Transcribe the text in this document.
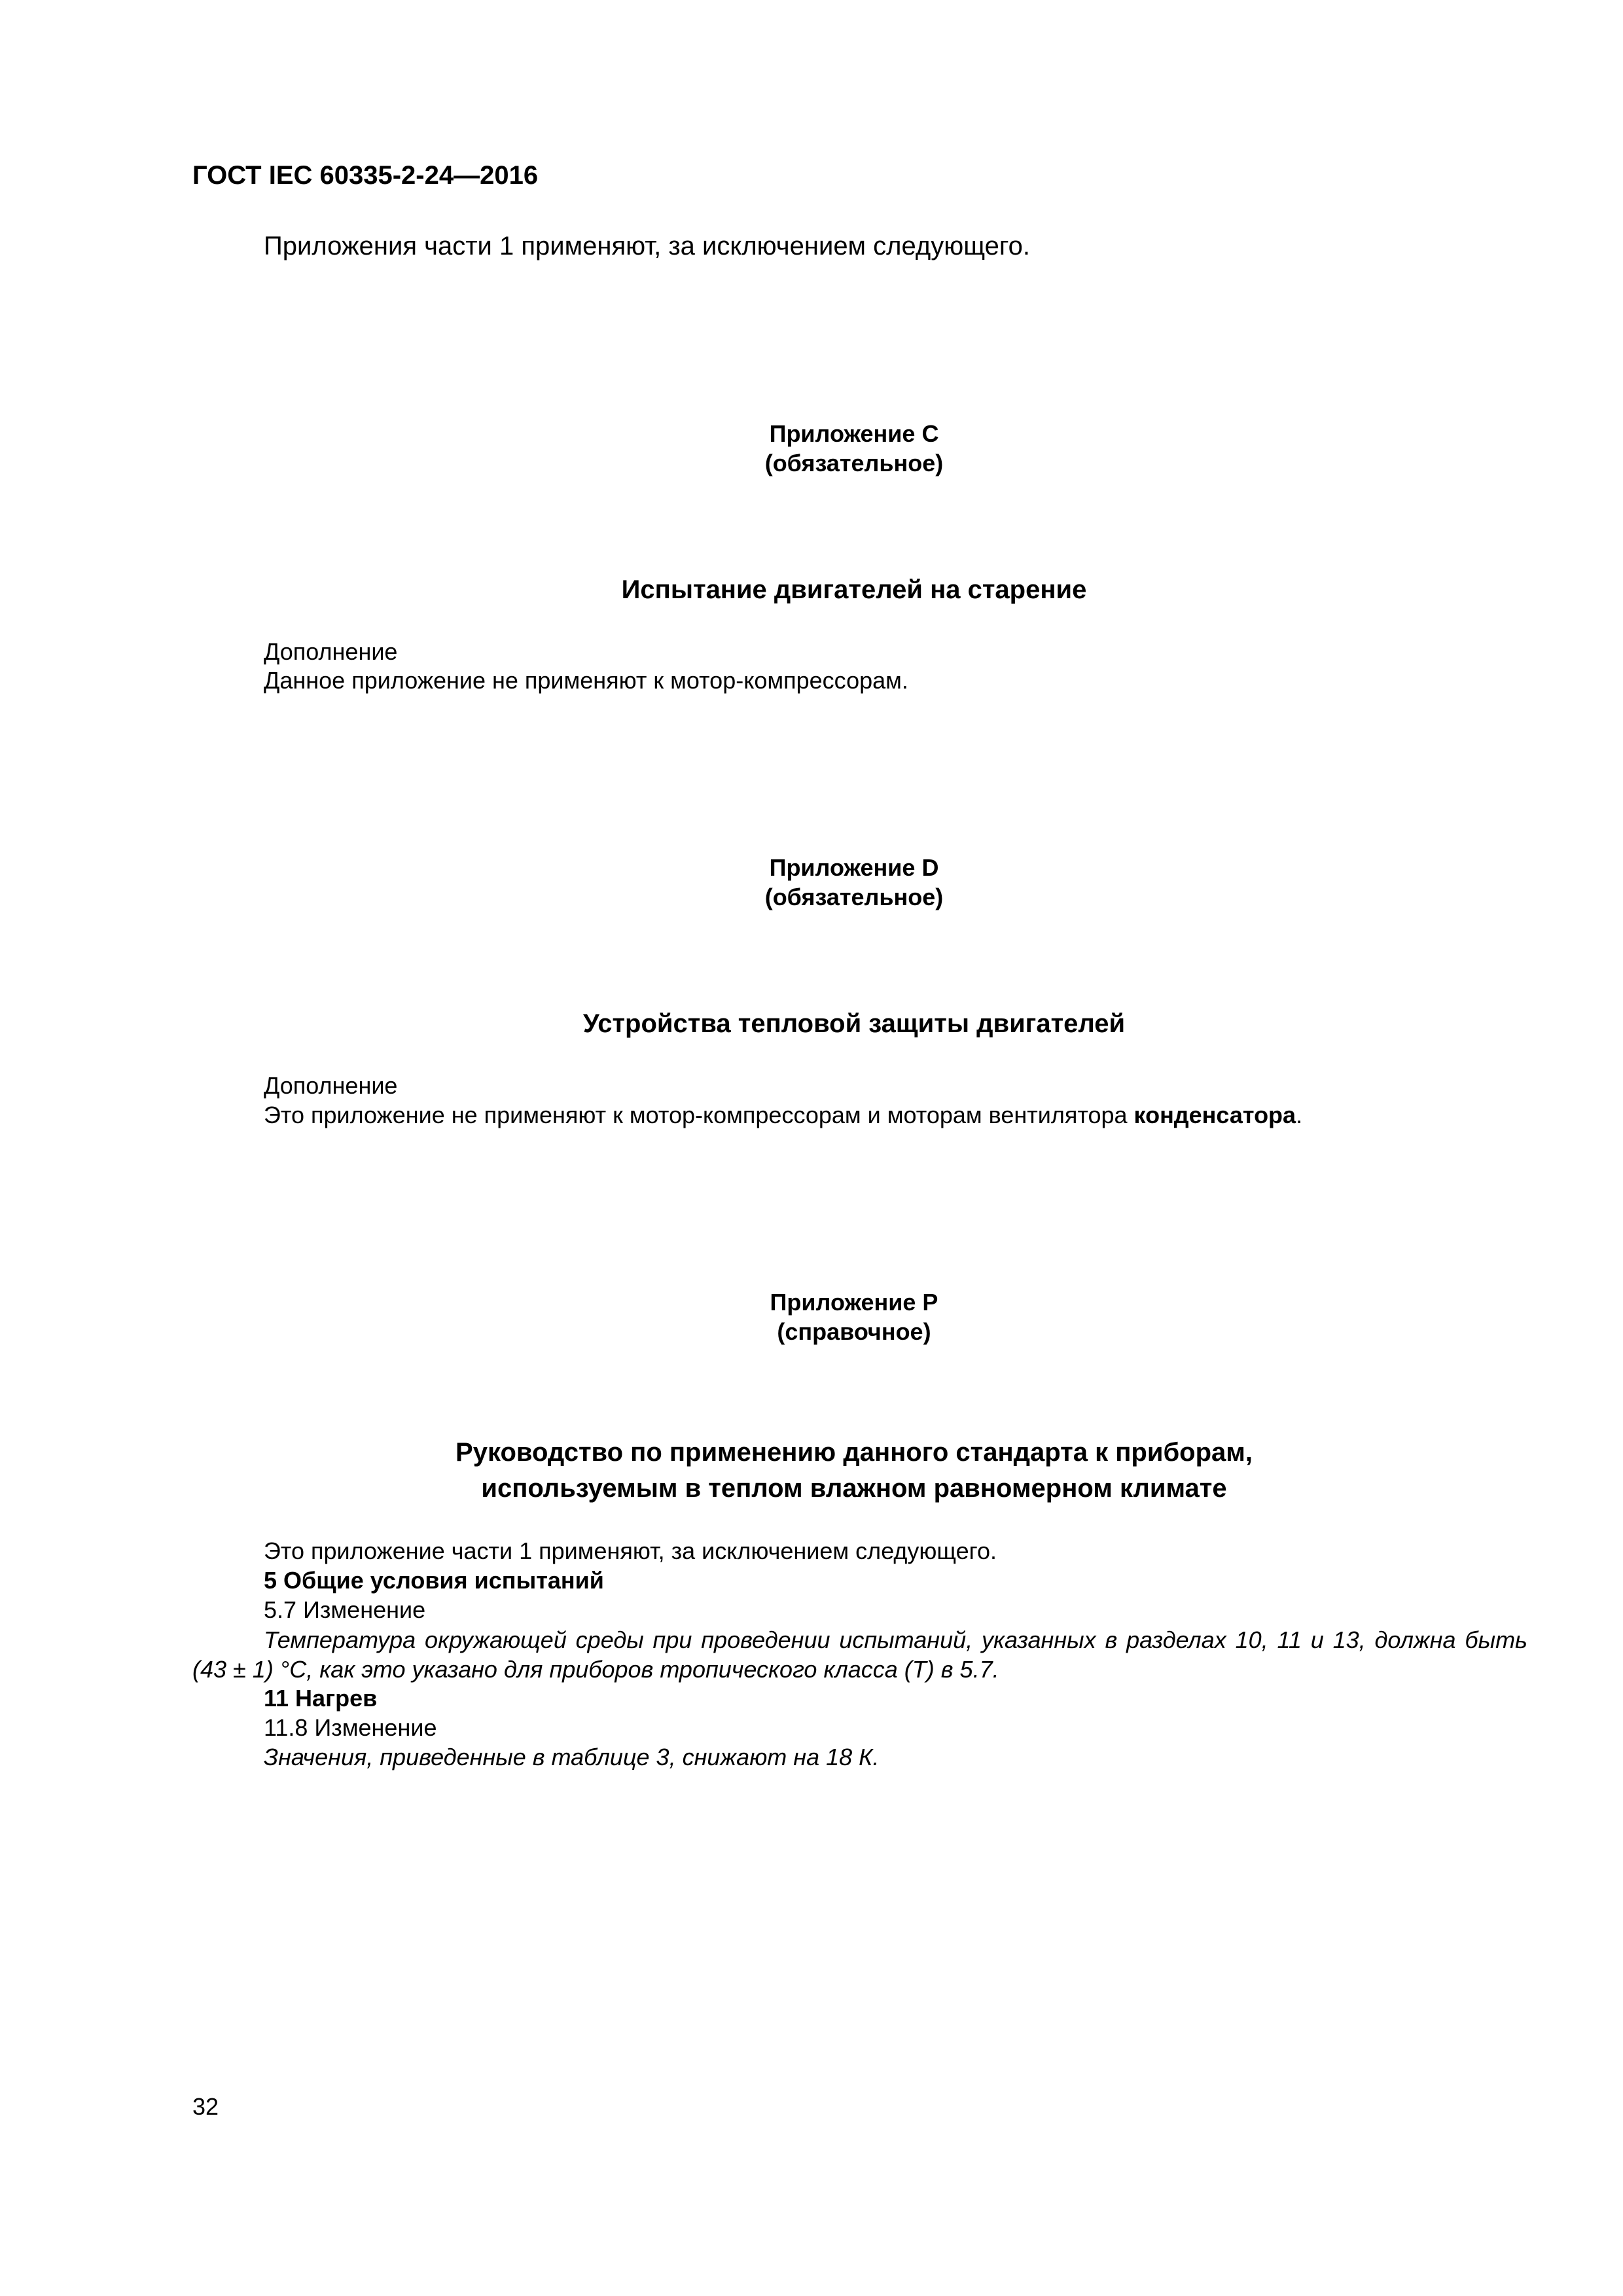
ГОСТ IEC 60335-2-24—2016
Приложения части 1 применяют, за исключением следующего.
Приложение С
(обязательное)
Испытание двигателей на старение
Дополнение
Данное приложение не применяют к мотор-компрессорам.
Приложение D
(обязательное)
Устройства тепловой защиты двигателей
Дополнение
Это приложение не применяют к мотор-компрессорам и моторам вентилятора конденсатора.
Приложение Р
(справочное)
Руководство по применению данного стандарта к приборам,
используемым в теплом влажном равномерном климате
Это приложение части 1 применяют, за исключением следующего.
5 Общие условия испытаний
5.7 Изменение
Температура окружающей среды при проведении испытаний, указанных в разделах 10, 11 и 13, должна быть (43 ± 1) °С, как это указано для приборов тропического класса (Т) в 5.7.
11 Нагрев
11.8 Изменение
Значения, приведенные в таблице 3, снижают на 18 К.
32
